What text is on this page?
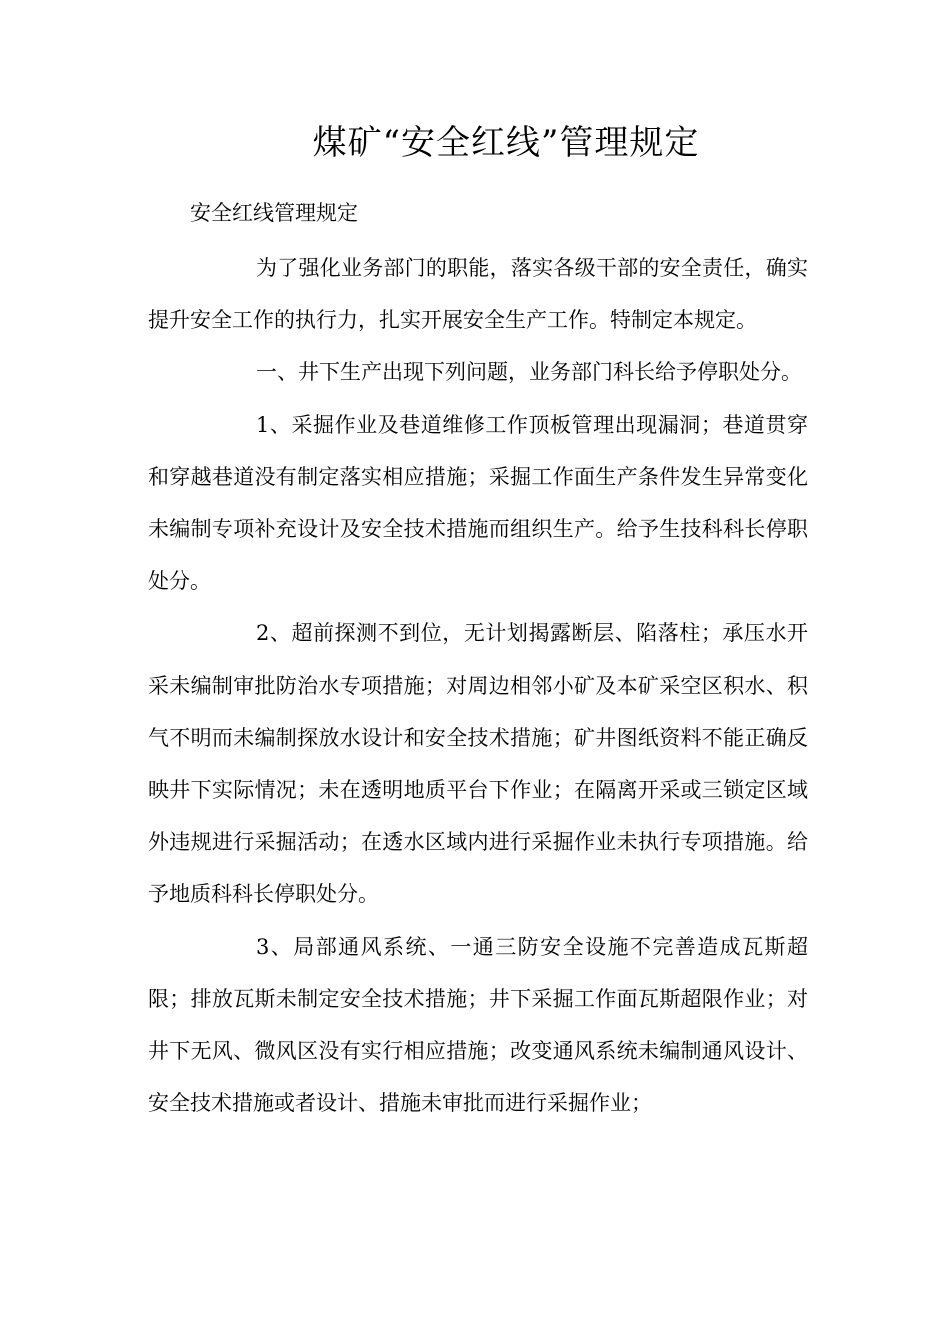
煤矿“安全红线”管理规定

安全红线管理规定

为了强化业务部门的职能，落实各级干部的安全责任，确实提升安全工作的执行力，扎实开展安全生产工作。特制定本规定。

一、井下生产出现下列问题，业务部门科长给予停职处分。

1、采掘作业及巷道维修工作顶板管理出现漏洞；巷道贯穿和穿越巷道没有制定落实相应措施；采掘工作面生产条件发生异常变化未编制专项补充设计及安全技术措施而组织生产。给予生技科科长停职处分。

2、超前探测不到位，无计划揭露断层、陷落柱；承压水开采未编制审批防治水专项措施；对周边相邻小矿及本矿采空区积水、积气不明而未编制探放水设计和安全技术措施；矿井图纸资料不能正确反映井下实际情况；未在透明地质平台下作业；在隔离开采或三锁定区域外违规进行采掘活动；在透水区域内进行采掘作业未执行专项措施。给予地质科科长停职处分。

3、局部通风系统、一通三防安全设施不完善造成瓦斯超限；排放瓦斯未制定安全技术措施；井下采掘工作面瓦斯超限作业；对井下无风、微风区没有实行相应措施；改变通风系统未编制通风设计、安全技术措施或者设计、措施未审批而进行采掘作业；
